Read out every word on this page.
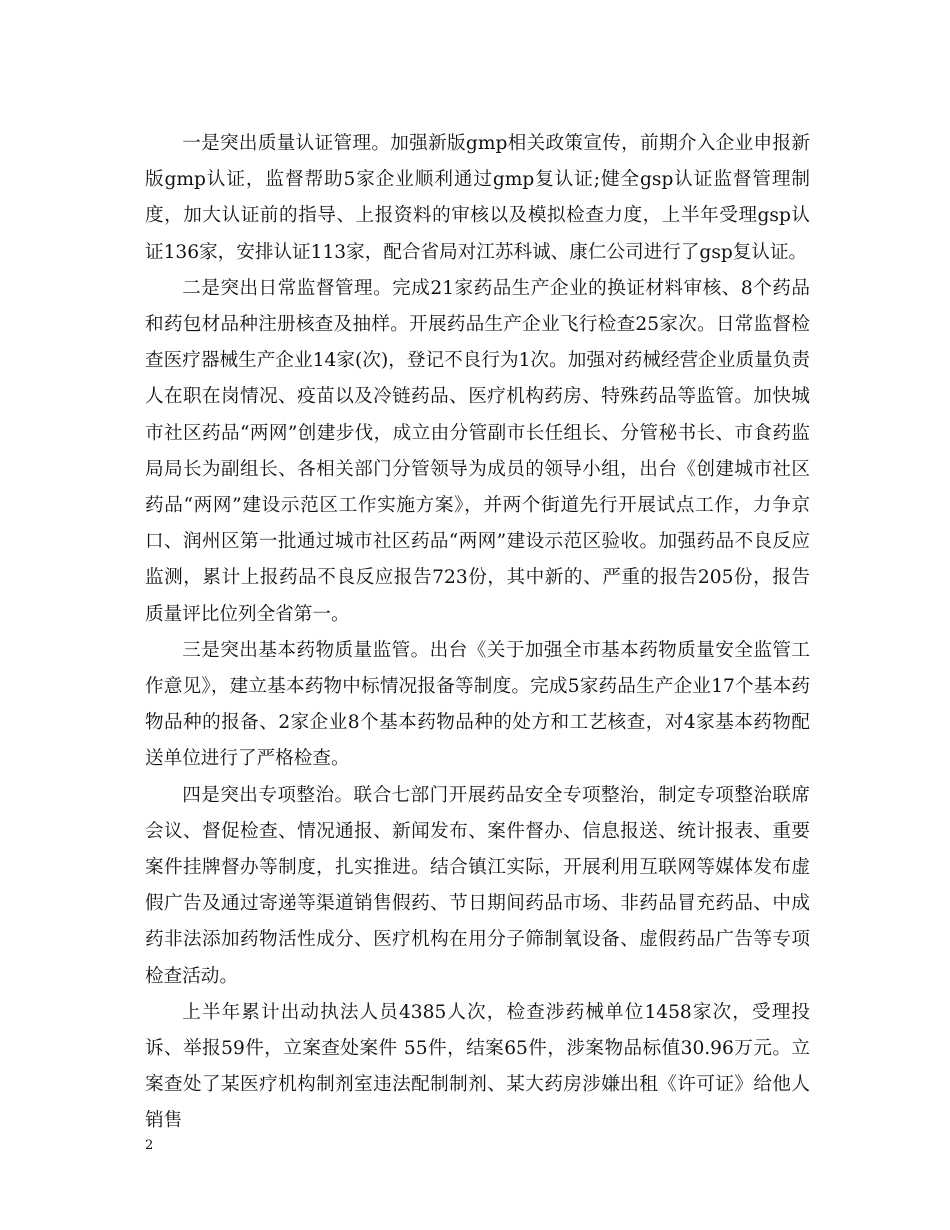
一是突出质量认证管理。加强新版gmp相关政策宣传，前期介入企业申报新版gmp认证，监督帮助5家企业顺利通过gmp复认证;健全gsp认证监督管理制度，加大认证前的指导、上报资料的审核以及模拟检查力度，上半年受理gsp认证136家，安排认证113家，配合省局对江苏科诚、康仁公司进行了gsp复认证。

二是突出日常监督管理。完成21家药品生产企业的换证材料审核、8个药品和药包材品种注册核查及抽样。开展药品生产企业飞行检查25家次。日常监督检查医疗器械生产企业14家(次)，登记不良行为1次。加强对药械经营企业质量负责人在职在岗情况、疫苗以及冷链药品、医疗机构药房、特殊药品等监管。加快城市社区药品“两网”创建步伐，成立由分管副市长任组长、分管秘书长、市食药监局局长为副组长、各相关部门分管领导为成员的领导小组，出台《创建城市社区药品“两网”建设示范区工作实施方案》，并两个街道先行开展试点工作，力争京口、润州区第一批通过城市社区药品“两网”建设示范区验收。加强药品不良反应监测，累计上报药品不良反应报告723份，其中新的、严重的报告205份，报告质量评比位列全省第一。

三是突出基本药物质量监管。出台《关于加强全市基本药物质量安全监管工作意见》，建立基本药物中标情况报备等制度。完成5家药品生产企业17个基本药物品种的报备、2家企业8个基本药物品种的处方和工艺核查，对4家基本药物配送单位进行了严格检查。

四是突出专项整治。联合七部门开展药品安全专项整治，制定专项整治联席会议、督促检查、情况通报、新闻发布、案件督办、信息报送、统计报表、重要案件挂牌督办等制度，扎实推进。结合镇江实际，开展利用互联网等媒体发布虚假广告及通过寄递等渠道销售假药、节日期间药品市场、非药品冒充药品、中成药非法添加药物活性成分、医疗机构在用分子筛制氧设备、虚假药品广告等专项检查活动。

上半年累计出动执法人员4385人次，检查涉药械单位1458家次，受理投诉、举报59件，立案查处案件 55件，结案65件，涉案物品标值30.96万元。立案查处了某医疗机构制剂室违法配制制剂、某大药房涉嫌出租《许可证》给他人销售

2
